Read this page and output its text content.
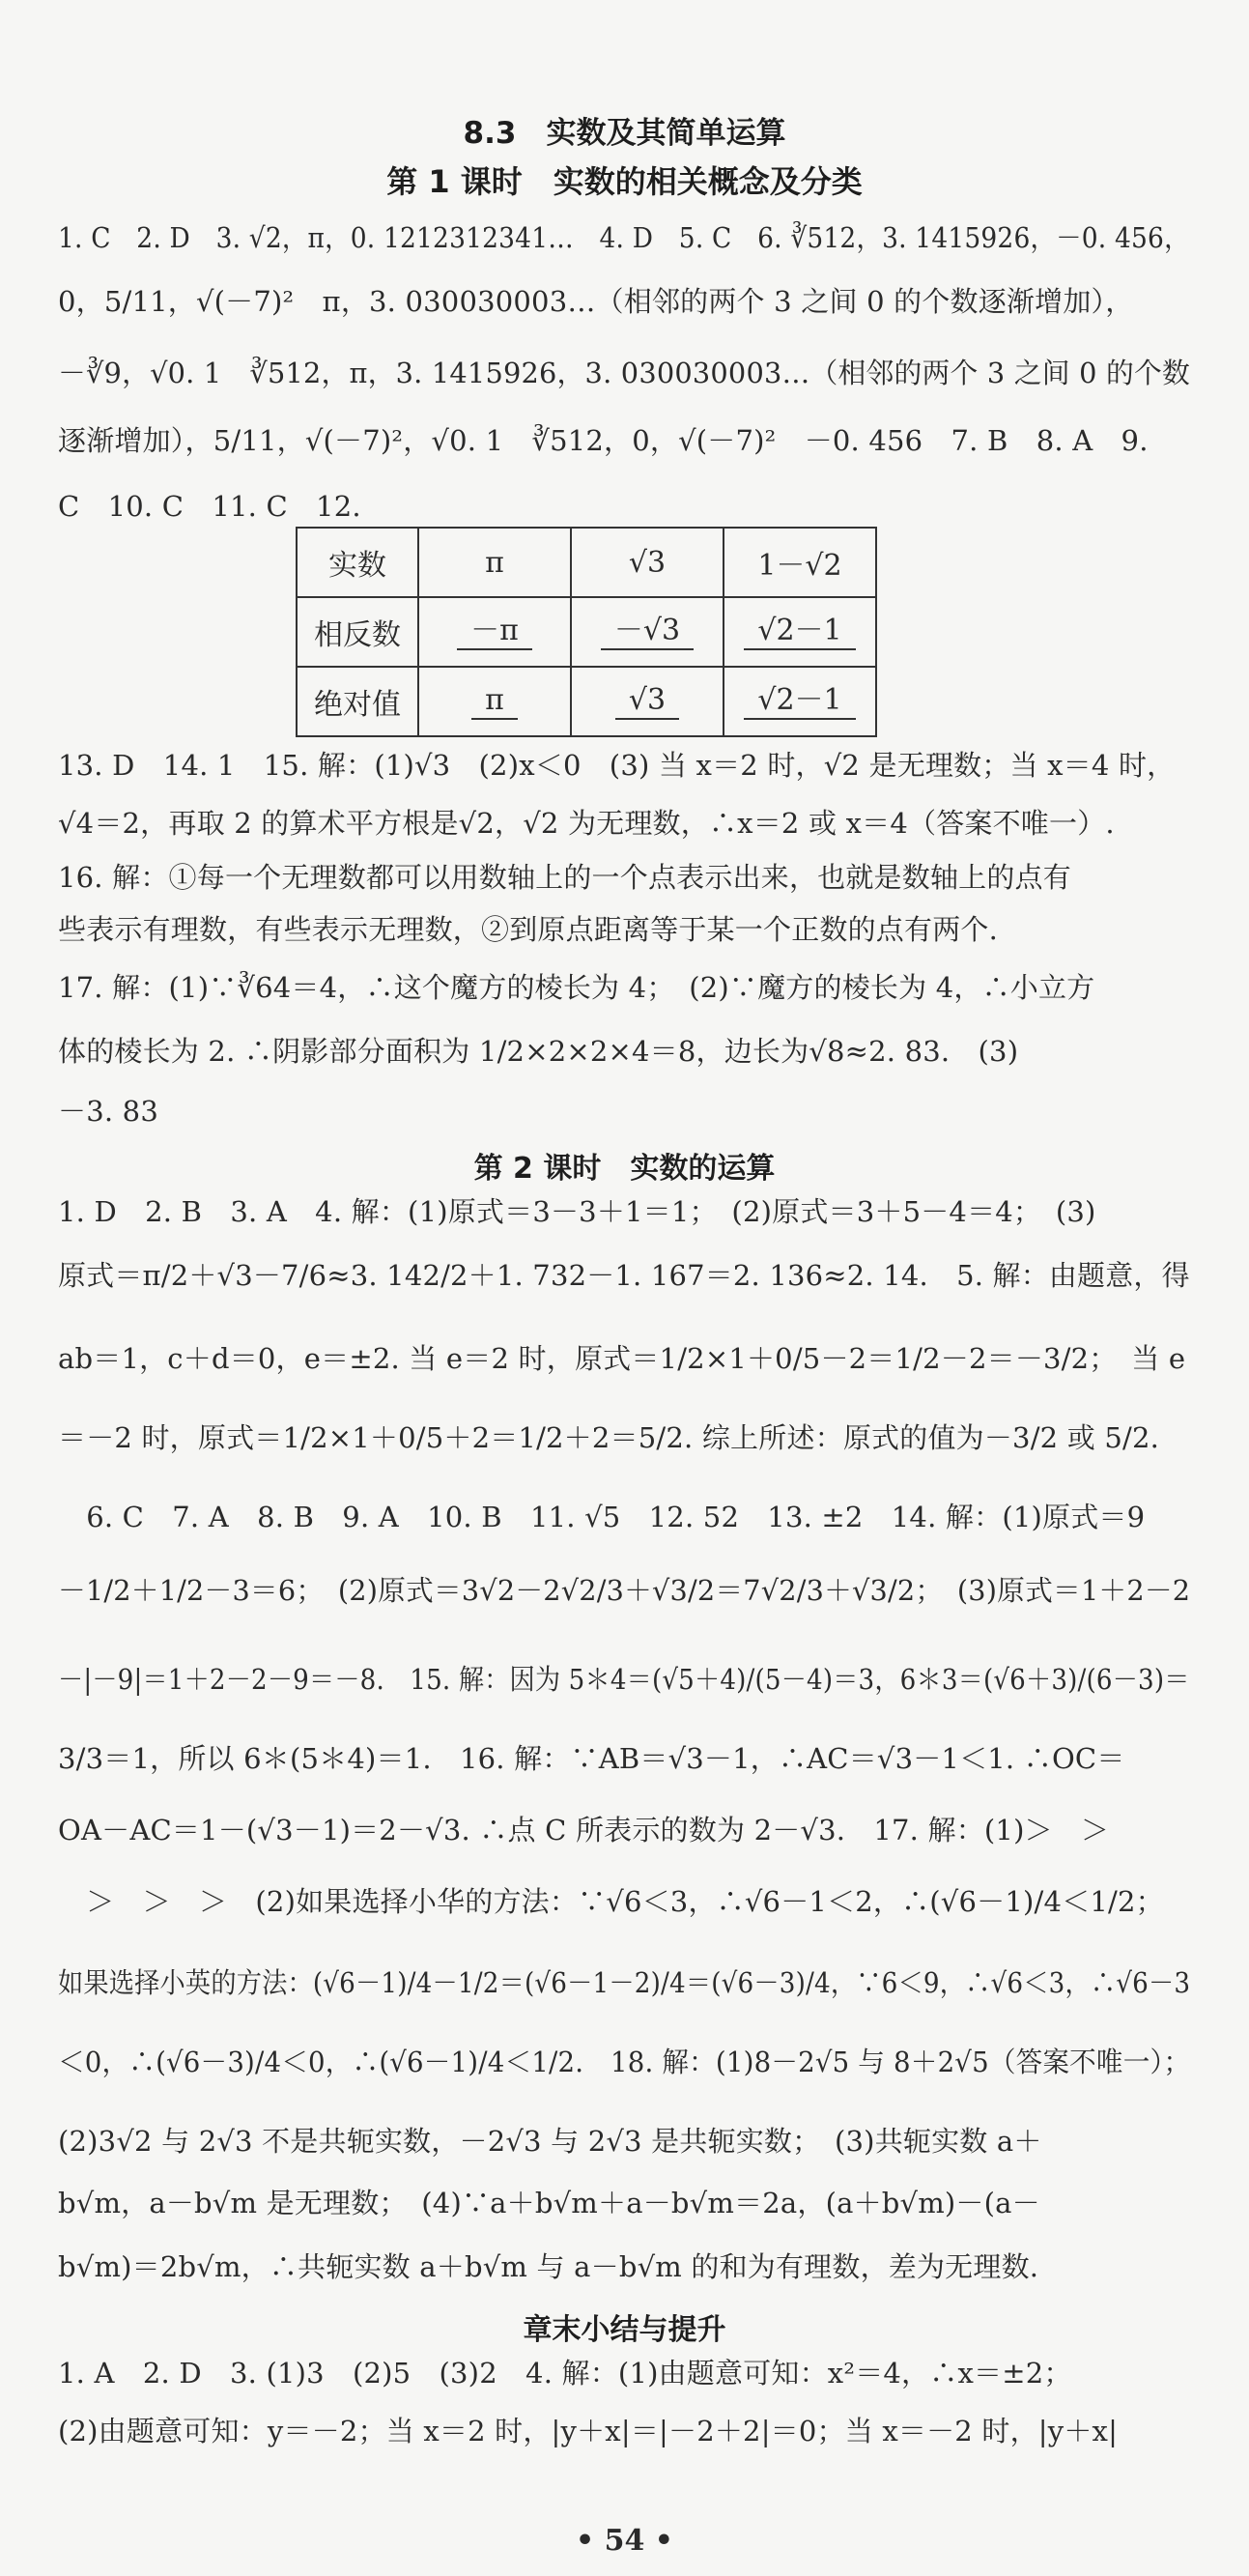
8.3　实数及其简单运算
第 1 课时　实数的相关概念及分类
1. C　2. D　3. √2，π，0. 1212312341…　4. D　5. C　6. ∛512，3. 1415926，－0. 456，
0，5/11，√(－7)²　π，3. 030030003…（相邻的两个 3 之间 0 的个数逐渐增加），
－∛9，√0. 1　∛512，π，3. 1415926，3. 030030003…（相邻的两个 3 之间 0 的个数
逐渐增加），5/11，√(－7)²，√0. 1　∛512，0，√(－7)²　－0. 456　7. B　8. A　9.
C　10. C　11. C　12.
实数	π	√3	1－√2
相反数	－π	－√3	√2－1
绝对值	π	√3	√2－1
13. D　14. 1　15. 解：(1)√3　(2)x＜0　(3) 当 x＝2 时，√2 是无理数；当 x＝4 时，
√4＝2，再取 2 的算术平方根是√2，√2 为无理数，∴x＝2 或 x＝4（答案不唯一）.
16. 解：①每一个无理数都可以用数轴上的一个点表示出来，也就是数轴上的点有
些表示有理数，有些表示无理数，②到原点距离等于某一个正数的点有两个.
17. 解：(1)∵∛64＝4，∴这个魔方的棱长为 4；　(2)∵魔方的棱长为 4，∴小立方
体的棱长为 2. ∴阴影部分面积为 1/2×2×2×4＝8，边长为√8≈2. 83.　(3)
－3. 83
第 2 课时　实数的运算
1. D　2. B　3. A　4. 解：(1)原式＝3－3＋1＝1；　(2)原式＝3＋5－4＝4；　(3)
原式＝π/2＋√3－7/6≈3. 142/2＋1. 732－1. 167＝2. 136≈2. 14.　5. 解：由题意，得
ab＝1，c＋d＝0，e＝±2. 当 e＝2 时，原式＝1/2×1＋0/5－2＝1/2－2＝－3/2；　当 e
＝－2 时，原式＝1/2×1＋0/5＋2＝1/2＋2＝5/2. 综上所述：原式的值为－3/2 或 5/2.
　6. C　7. A　8. B　9. A　10. B　11. √5　12. 52　13. ±2　14. 解：(1)原式＝9
－1/2＋1/2－3＝6；　(2)原式＝3√2－2√2/3＋√3/2＝7√2/3＋√3/2；　(3)原式＝1＋2－2
－|－9|＝1＋2－2－9＝－8.　15. 解：因为 5＊4＝(√5＋4)/(5－4)＝3，6＊3＝(√6＋3)/(6－3)＝
3/3＝1，所以 6＊(5＊4)＝1.　16. 解：∵AB＝√3－1，∴AC＝√3－1＜1. ∴OC＝
OA－AC＝1－(√3－1)＝2－√3. ∴点 C 所表示的数为 2－√3.　17. 解：(1)＞　＞
　＞　＞　＞　(2)如果选择小华的方法：∵√6＜3，∴√6－1＜2，∴(√6－1)/4＜1/2；
如果选择小英的方法：(√6－1)/4－1/2＝(√6－1－2)/4＝(√6－3)/4，∵6＜9，∴√6＜3，∴√6－3
＜0，∴(√6－3)/4＜0，∴(√6－1)/4＜1/2.　18. 解：(1)8－2√5 与 8＋2√5（答案不唯一）；
(2)3√2 与 2√3 不是共轭实数，－2√3 与 2√3 是共轭实数；　(3)共轭实数 a＋
b√m，a－b√m 是无理数；　(4)∵a＋b√m＋a－b√m＝2a，(a＋b√m)－(a－
b√m)＝2b√m，∴共轭实数 a＋b√m 与 a－b√m 的和为有理数，差为无理数.
章末小结与提升
1. A　2. D　3. (1)3　(2)5　(3)2　4. 解：(1)由题意可知：x²＝4，∴x＝±2；
(2)由题意可知：y＝－2；当 x＝2 时，|y＋x|＝|－2＋2|＝0；当 x＝－2 时，|y＋x|
• 54 •
